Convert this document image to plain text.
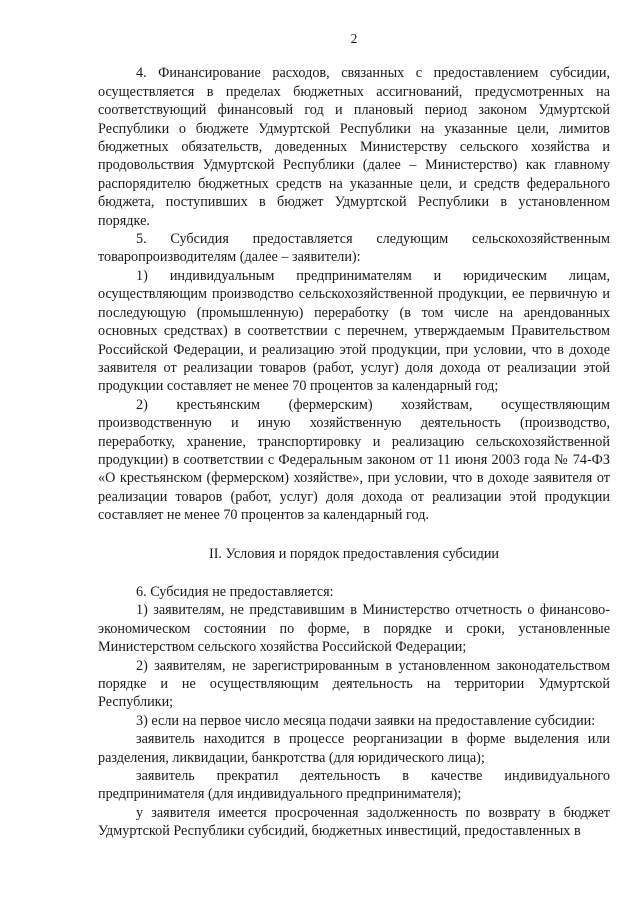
2

4. Финансирование расходов, связанных с предоставлением субсидии, осуществляется в пределах бюджетных ассигнований, предусмотренных на соответствующий финансовый год и плановый период законом Удмуртской Республики о бюджете Удмуртской Республики на указанные цели, лимитов бюджетных обязательств, доведенных Министерству сельского хозяйства и продовольствия Удмуртской Республики (далее – Министерство) как главному распорядителю бюджетных средств на указанные цели, и средств федерального бюджета, поступивших в бюджет Удмуртской Республики в установленном порядке.

5. Субсидия предоставляется следующим сельскохозяйственным товаропроизводителям (далее – заявители):

1) индивидуальным предпринимателям и юридическим лицам, осуществляющим производство сельскохозяйственной продукции, ее первичную и последующую (промышленную) переработку (в том числе на арендованных основных средствах) в соответствии с перечнем, утверждаемым Правительством Российской Федерации, и реализацию этой продукции, при условии, что в доходе заявителя от реализации товаров (работ, услуг) доля дохода от реализации этой продукции составляет не менее 70 процентов за календарный год;

2) крестьянским (фермерским) хозяйствам, осуществляющим производственную и иную хозяйственную деятельность (производство, переработку, хранение, транспортировку и реализацию сельскохозяйственной продукции) в соответствии с Федеральным законом от 11 июня 2003 года № 74-ФЗ «О крестьянском (фермерском) хозяйстве», при условии, что в доходе заявителя от реализации товаров (работ, услуг) доля дохода от реализации этой продукции составляет не менее 70 процентов за календарный год.

II. Условия и порядок предоставления субсидии

6. Субсидия не предоставляется:

1) заявителям, не представившим в Министерство отчетность о финансово-экономическом состоянии по форме, в порядке и сроки, установленные Министерством сельского хозяйства Российской Федерации;

2) заявителям, не зарегистрированным в установленном законодательством порядке и не осуществляющим деятельность на территории Удмуртской Республики;

3) если на первое число месяца подачи заявки на предоставление субсидии:

заявитель находится в процессе реорганизации в форме выделения или разделения, ликвидации, банкротства (для юридического лица);

заявитель прекратил деятельность в качестве индивидуального предпринимателя (для индивидуального предпринимателя);

у заявителя имеется просроченная задолженность по возврату в бюджет Удмуртской Республики субсидий, бюджетных инвестиций, предоставленных в
